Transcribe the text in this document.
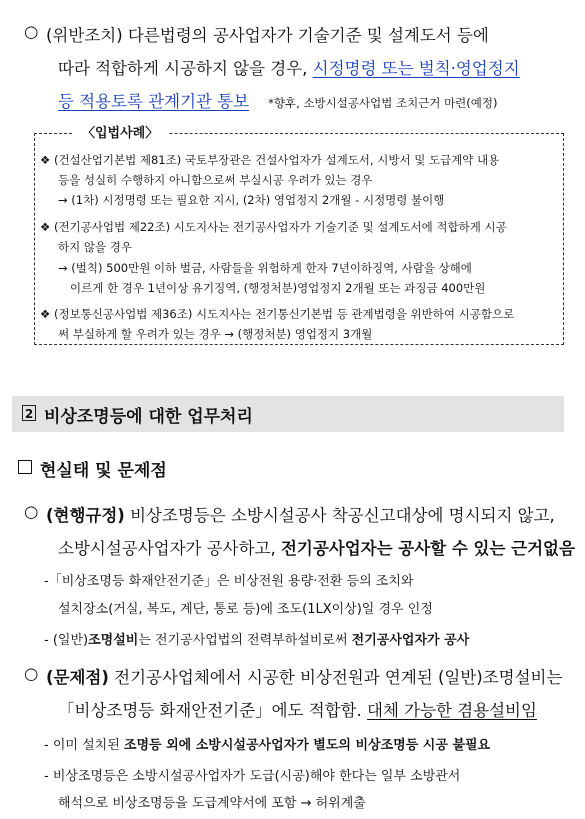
○ (위반조치) 다른법령의 공사업자가 기술기준 및 설계도서 등에
따라 적합하게 시공하지 않을 경우, 시정명령 또는 벌칙·영업정지
등 적용토록 관계기관 통보 *향후, 소방시설공사업법 조치근거 마련(예정)
〈입법사례〉
❖ (건설산업기본법 제81조) 국토부장관은 건설사업자가 설계도서, 시방서 및 도급계약 내용
등을 성실히 수행하지 아니함으로써 부실시공 우려가 있는 경우
→ (1차) 시정명령 또는 필요한 지시, (2차) 영업정지 2개월 - 시정명령 불이행
❖ (전기공사업법 제22조) 시도지사는 전기공사업자가 기술기준 및 설계도서에 적합하게 시공
하지 않을 경우
→ (벌칙) 500만원 이하 벌금, 사람들을 위험하게 한자 7년이하징역, 사람을 상해에
이르게 한 경우 1년이상 유기징역, (행정처분)영업정지 2개월 또는 과징금 400만원
❖ (정보통신공사업법 제36조) 시도지사는 전기통신기본법 등 관계법령을 위반하여 시공함으로
써 부실하게 할 우려가 있는 경우 → (행정처분) 영업정지 3개월
2 비상조명등에 대한 업무처리
현실태 및 문제점
○ (현행규정) 비상조명등은 소방시설공사 착공신고대상에 명시되지 않고,
소방시설공사업자가 공사하고, 전기공사업자는 공사할 수 있는 근거없음
-「비상조명등 화재안전기준」은 비상전원 용량·전환 등의 조치와
설치장소(거실, 복도, 계단, 통로 등)에 조도(1LX이상)일 경우 인정
- (일반)조명설비는 전기공사업법의 전력부하설비로써 전기공사업자가 공사
○ (문제점) 전기공사업체에서 시공한 비상전원과 연계된 (일반)조명설비는
「비상조명등 화재안전기준」에도 적합함. 대체 가능한 겸용설비임
- 이미 설치된 조명등 외에 소방시설공사업자가 별도의 비상조명등 시공 불필요
- 비상조명등은 소방시설공사업자가 도급(시공)해야 한다는 일부 소방관서
해석으로 비상조명등을 도급계약서에 포함 → 허위계출
